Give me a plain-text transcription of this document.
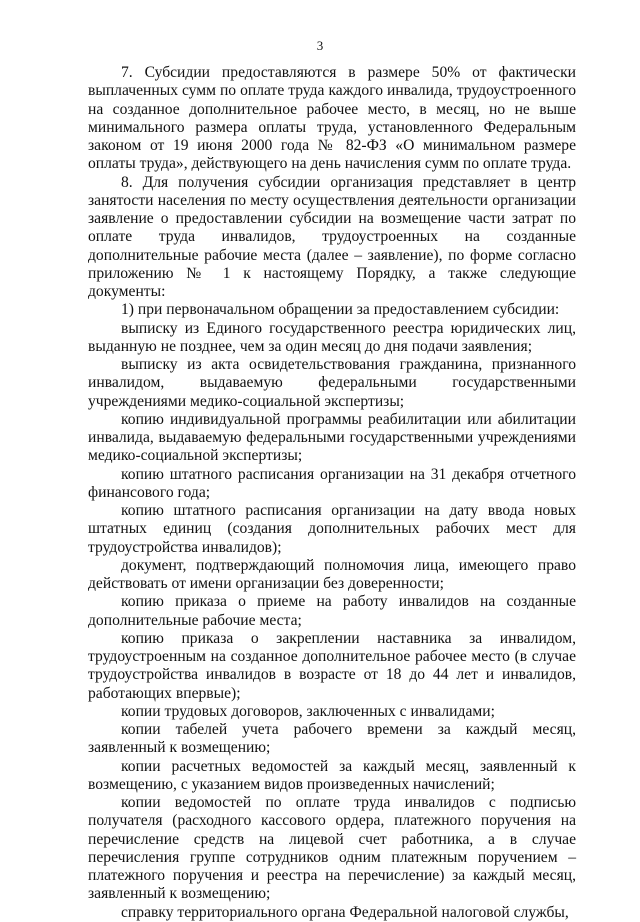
3

7. Субсидии предоставляются в размере 50% от фактически выплаченных сумм по оплате труда каждого инвалида, трудоустроенного на созданное дополнительное рабочее место, в месяц, но не выше минимального размера оплаты труда, установленного Федеральным законом от 19 июня 2000 года № 82-ФЗ «О минимальном размере оплаты труда», действующего на день начисления сумм по оплате труда.

8. Для получения субсидии организация представляет в центр занятости населения по месту осуществления деятельности организации заявление о предоставлении субсидии на возмещение части затрат по оплате труда инвалидов, трудоустроенных на созданные дополнительные рабочие места (далее – заявление), по форме согласно приложению № 1 к настоящему Порядку, а также следующие документы:

1) при первоначальном обращении за предоставлением субсидии:

выписку из Единого государственного реестра юридических лиц, выданную не позднее, чем за один месяц до дня подачи заявления;

выписку из акта освидетельствования гражданина, признанного инвалидом, выдаваемую федеральными государственными учреждениями медико-социальной экспертизы;

копию индивидуальной программы реабилитации или абилитации инвалида, выдаваемую федеральными государственными учреждениями медико-социальной экспертизы;

копию штатного расписания организации на 31 декабря отчетного финансового года;

копию штатного расписания организации на дату ввода новых штатных единиц (создания дополнительных рабочих мест для трудоустройства инвалидов);

документ, подтверждающий полномочия лица, имеющего право действовать от имени организации без доверенности;

копию приказа о приеме на работу инвалидов на созданные дополнительные рабочие места;

копию приказа о закреплении наставника за инвалидом, трудоустроенным на созданное дополнительное рабочее место (в случае трудоустройства инвалидов в возрасте от 18 до 44 лет и инвалидов, работающих впервые);

копии трудовых договоров, заключенных с инвалидами;

копии табелей учета рабочего времени за каждый месяц, заявленный к возмещению;

копии расчетных ведомостей за каждый месяц, заявленный к возмещению, с указанием видов произведенных начислений;

копии ведомостей по оплате труда инвалидов с подписью получателя (расходного кассового ордера, платежного поручения на перечисление средств на лицевой счет работника, а в случае перечисления группе сотрудников одним платежным поручением – платежного поручения и реестра на перечисление) за каждый месяц, заявленный к возмещению;

справку территориального органа Федеральной налоговой службы,
